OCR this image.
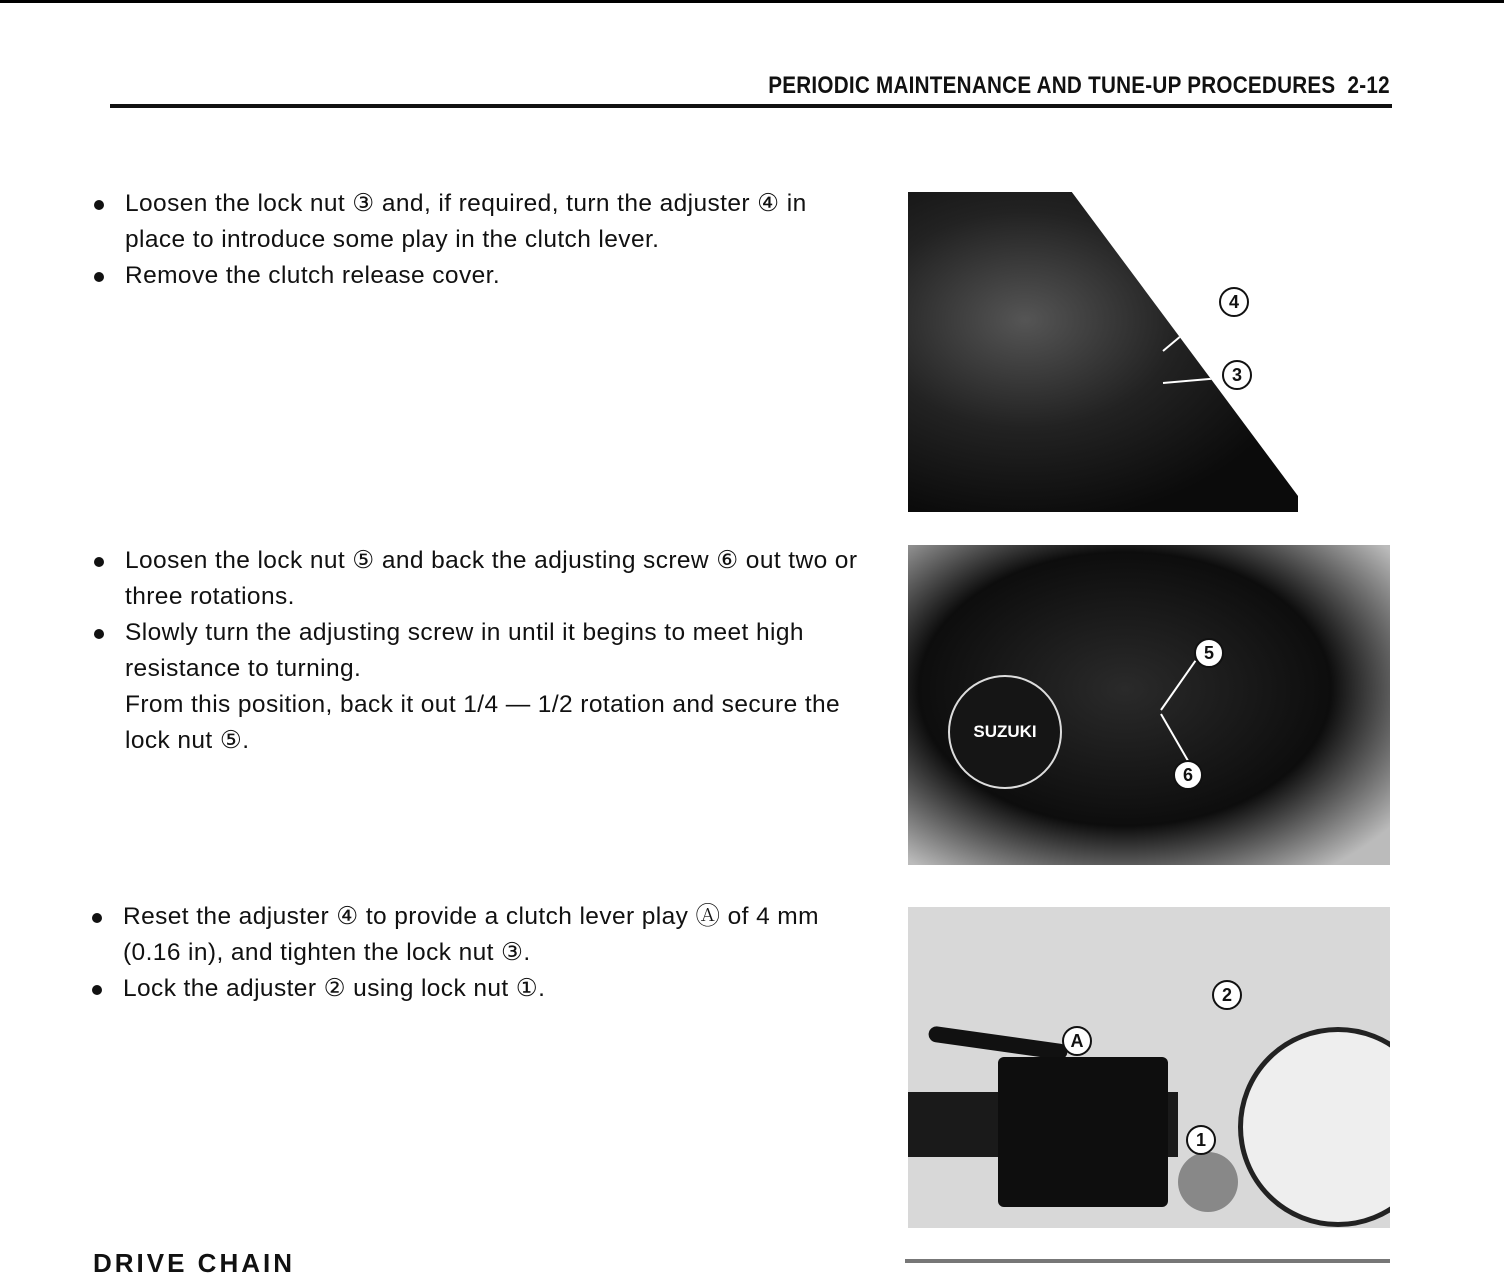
PERIODIC MAINTENANCE AND TUNE-UP PROCEDURES 2-12
Loosen the lock nut ③ and, if required, turn the adjuster ④ in place to introduce some play in the clutch lever.
Remove the clutch release cover.
Loosen the lock nut ⑤ and back the adjusting screw ⑥ out two or three rotations.
Slowly turn the adjusting screw in until it begins to meet high resistance to turning.
From this position, back it out 1/4 — 1/2 rotation and secure the lock nut ⑤.
Reset the adjuster ④ to provide a clutch lever play Ⓐ of 4 mm (0.16 in), and tighten the lock nut ③.
Lock the adjuster ② using lock nut ①.
4
3
SUZUKI
5
6
2
A
1
DRIVE CHAIN
